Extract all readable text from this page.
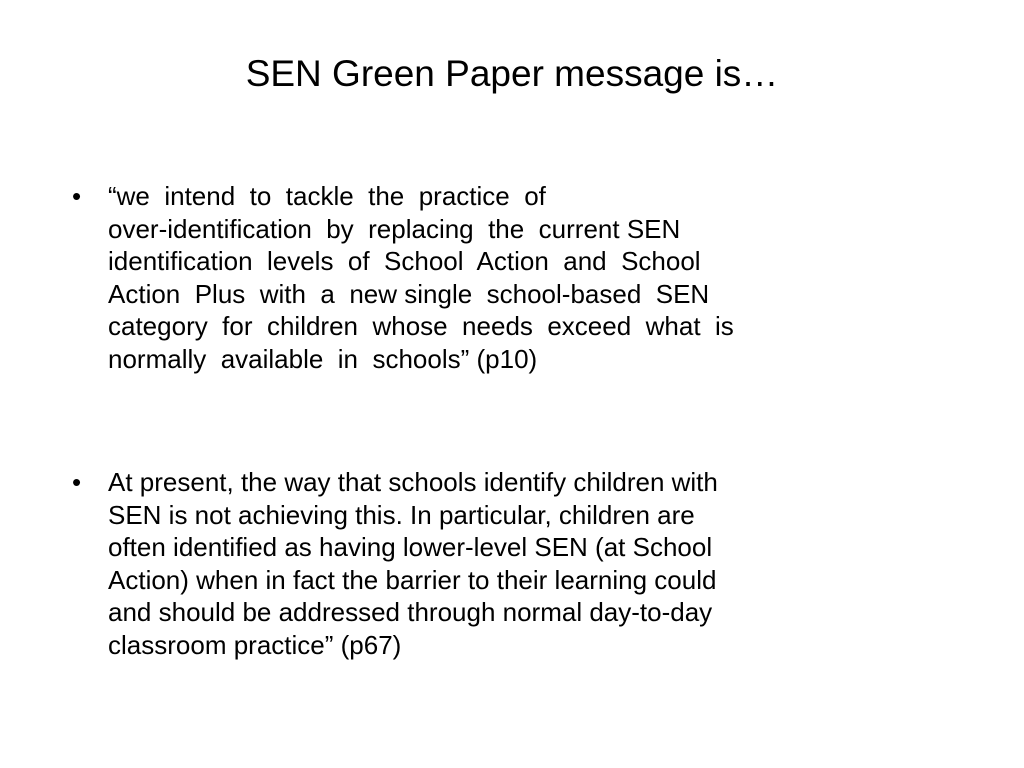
SEN Green Paper message is…
•	“we  intend  to  tackle  the  practice  of
over-identification  by  replacing  the  current SEN
identification  levels  of  School  Action  and  School
Action  Plus  with  a  new single  school-based  SEN
category  for  children  whose  needs  exceed  what  is
normally  available  in  schools” (p10)
•	At present, the way that schools identify children with
SEN is not achieving this. In particular, children are
often identified as having lower-level SEN (at School
Action) when in fact the barrier to their learning could
and should be addressed through normal day-to-day
classroom practice” (p67)
